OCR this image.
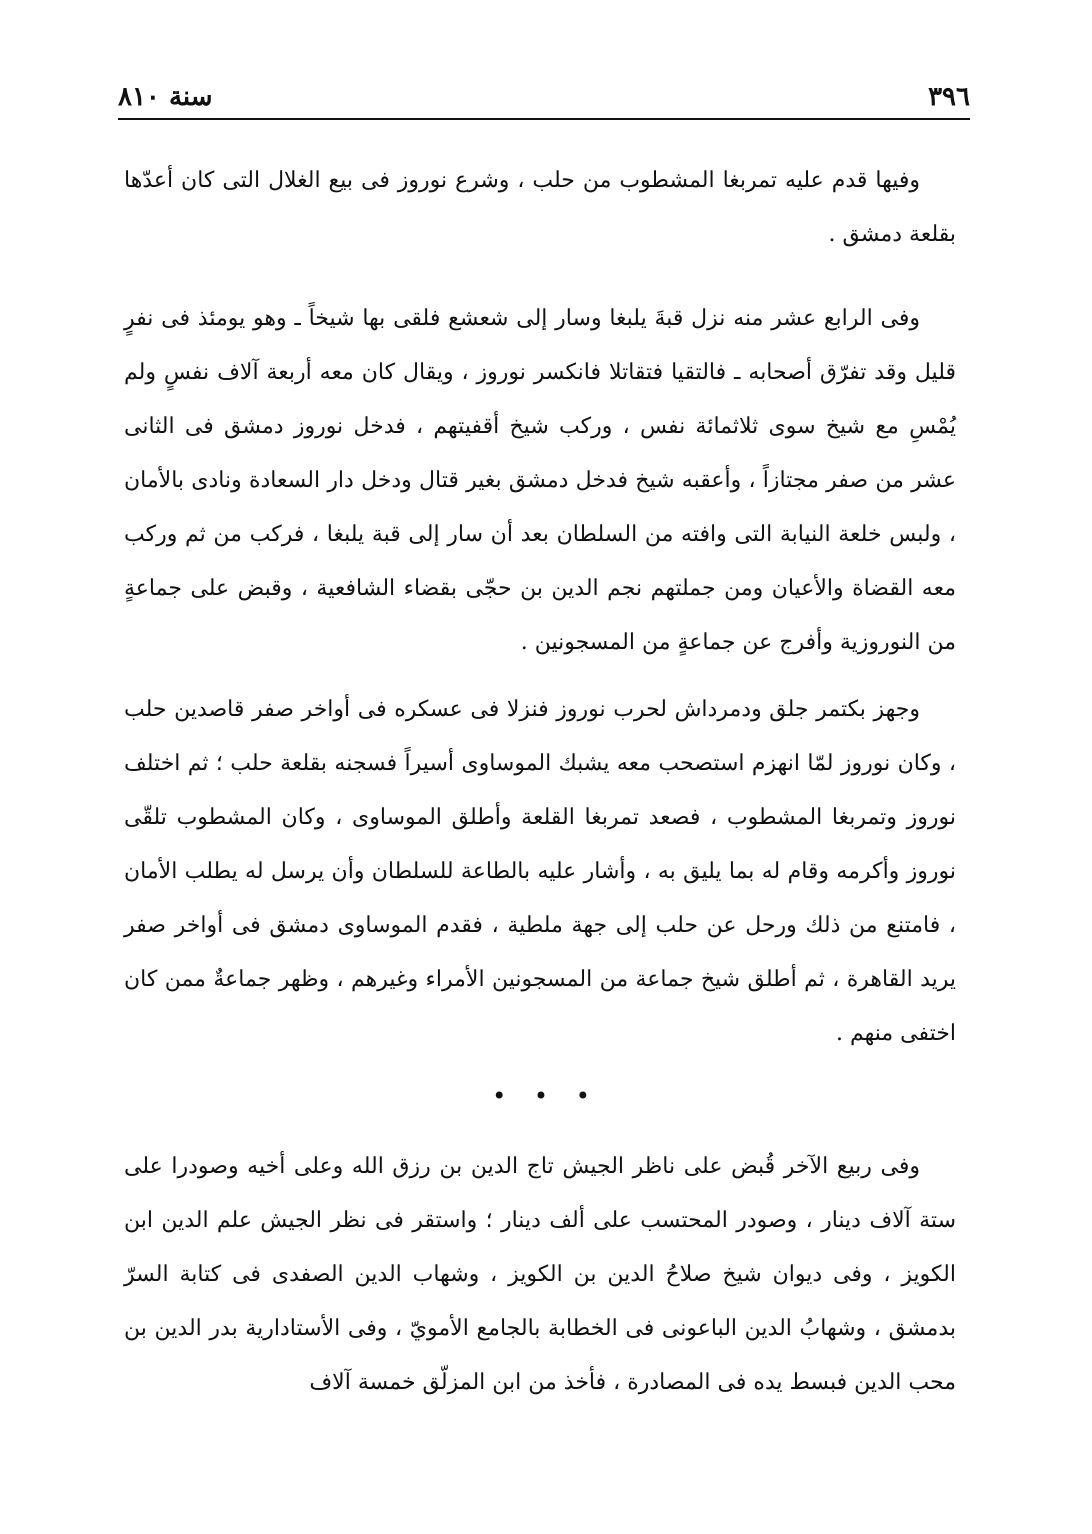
٣٩٦
سنة ٨١٠

وفيها قدم عليه تمربغا المشطوب من حلب ، وشرع نوروز فى بيع الغلال التى كان أعدّها بقلعة دمشق .

وفى الرابع عشر منه نزل قبةَ يلبغا وسار إلى شعشع فلقى بها شيخاً ـ وهو يومئذ فى نفرٍ قليل وقد تفرّق أصحابه ـ فالتقيا فتقاتلا فانكسر نوروز ، ويقال كان معه أربعة آلاف نفسٍ ولم يُمْسِ مع شيخ سوى ثلاثمائة نفس ، وركب شيخ أقفيتهم ، فدخل نوروز دمشق فى الثانى عشر من صفر مجتازاً ، وأعقبه شيخ فدخل دمشق بغير قتال ودخل دار السعادة ونادى بالأمان ، ولبس خلعة النيابة التى وافته من السلطان بعد أن سار إلى قبة يلبغا ، فركب من ثم وركب معه القضاة والأعيان ومن جملتهم نجم الدين بن حجّى بقضاء الشافعية ، وقبض على جماعةٍ من النوروزية وأفرج عن جماعةٍ من المسجونين .

وجهز بكتمر جلق ودمرداش لحرب نوروز فنزلا فى عسكره فى أواخر صفر قاصدين حلب ، وكان نوروز لمّا انهزم استصحب معه يشبك الموساوى أسيراً فسجنه بقلعة حلب ؛ ثم اختلف نوروز وتمربغا المشطوب ، فصعد تمربغا القلعة وأطلق الموساوى ، وكان المشطوب تلقّى نوروز وأكرمه وقام له بما يليق به ، وأشار عليه بالطاعة للسلطان وأن يرسل له يطلب الأمان ، فامتنع من ذلك ورحل عن حلب إلى جهة ملطية ، فقدم الموساوى دمشق فى أواخر صفر يريد القاهرة ، ثم أطلق شيخ جماعة من المسجونين الأمراء وغيرهم ، وظهر جماعةٌ ممن كان اختفى منهم .

• • •

وفى ربيع الآخر قُبض على ناظر الجيش تاج الدين بن رزق الله وعلى أخيه وصودرا على ستة آلاف دينار ، وصودر المحتسب على ألف دينار ؛ واستقر فى نظر الجيش علم الدين ابن الكويز ، وفى ديوان شيخ صلاحُ الدين بن الكويز ، وشهاب الدين الصفدى فى كتابة السرّ بدمشق ، وشهابُ الدين الباعونى فى الخطابة بالجامع الأمويّ ، وفى الأستادارية بدر الدين بن محب الدين فبسط يده فى المصادرة ، فأخذ من ابن المزلّق خمسة آلاف
